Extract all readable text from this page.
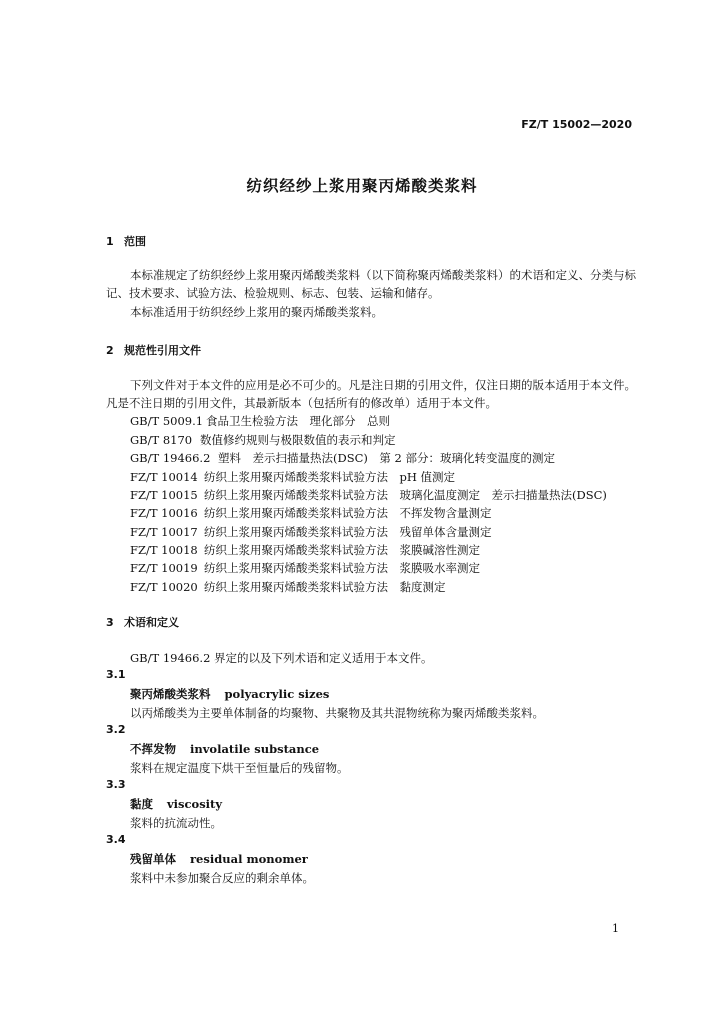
FZ/T 15002—2020
纺织经纱上浆用聚丙烯酸类浆料
1 范围
本标准规定了纺织经纱上浆用聚丙烯酸类浆料（以下简称聚丙烯酸类浆料）的术语和定义、分类与标记、技术要求、试验方法、检验规则、标志、包装、运输和储存。
本标准适用于纺织经纱上浆用的聚丙烯酸类浆料。
2 规范性引用文件
下列文件对于本文件的应用是必不可少的。凡是注日期的引用文件，仅注日期的版本适用于本文件。凡是不注日期的引用文件，其最新版本（包括所有的修改单）适用于本文件。
GB/T 5009.1 食品卫生检验方法　理化部分　总则
GB/T 8170 数值修约规则与极限数值的表示和判定
GB/T 19466.2 塑料　差示扫描量热法(DSC)　第 2 部分：玻璃化转变温度的测定
FZ/T 10014 纺织上浆用聚丙烯酸类浆料试验方法　pH 值测定
FZ/T 10015 纺织上浆用聚丙烯酸类浆料试验方法　玻璃化温度测定　差示扫描量热法(DSC)
FZ/T 10016 纺织上浆用聚丙烯酸类浆料试验方法　不挥发物含量测定
FZ/T 10017 纺织上浆用聚丙烯酸类浆料试验方法　残留单体含量测定
FZ/T 10018 纺织上浆用聚丙烯酸类浆料试验方法　浆膜碱溶性测定
FZ/T 10019 纺织上浆用聚丙烯酸类浆料试验方法　浆膜吸水率测定
FZ/T 10020 纺织上浆用聚丙烯酸类浆料试验方法　黏度测定
3 术语和定义
GB/T 19466.2 界定的以及下列术语和定义适用于本文件。
3.1
聚丙烯酸类浆料 polyacrylic sizes
以丙烯酸类为主要单体制备的均聚物、共聚物及其共混物统称为聚丙烯酸类浆料。
3.2
不挥发物 involatile substance
浆料在规定温度下烘干至恒量后的残留物。
3.3
黏度 viscosity
浆料的抗流动性。
3.4
残留单体 residual monomer
浆料中未参加聚合反应的剩余单体。
1
